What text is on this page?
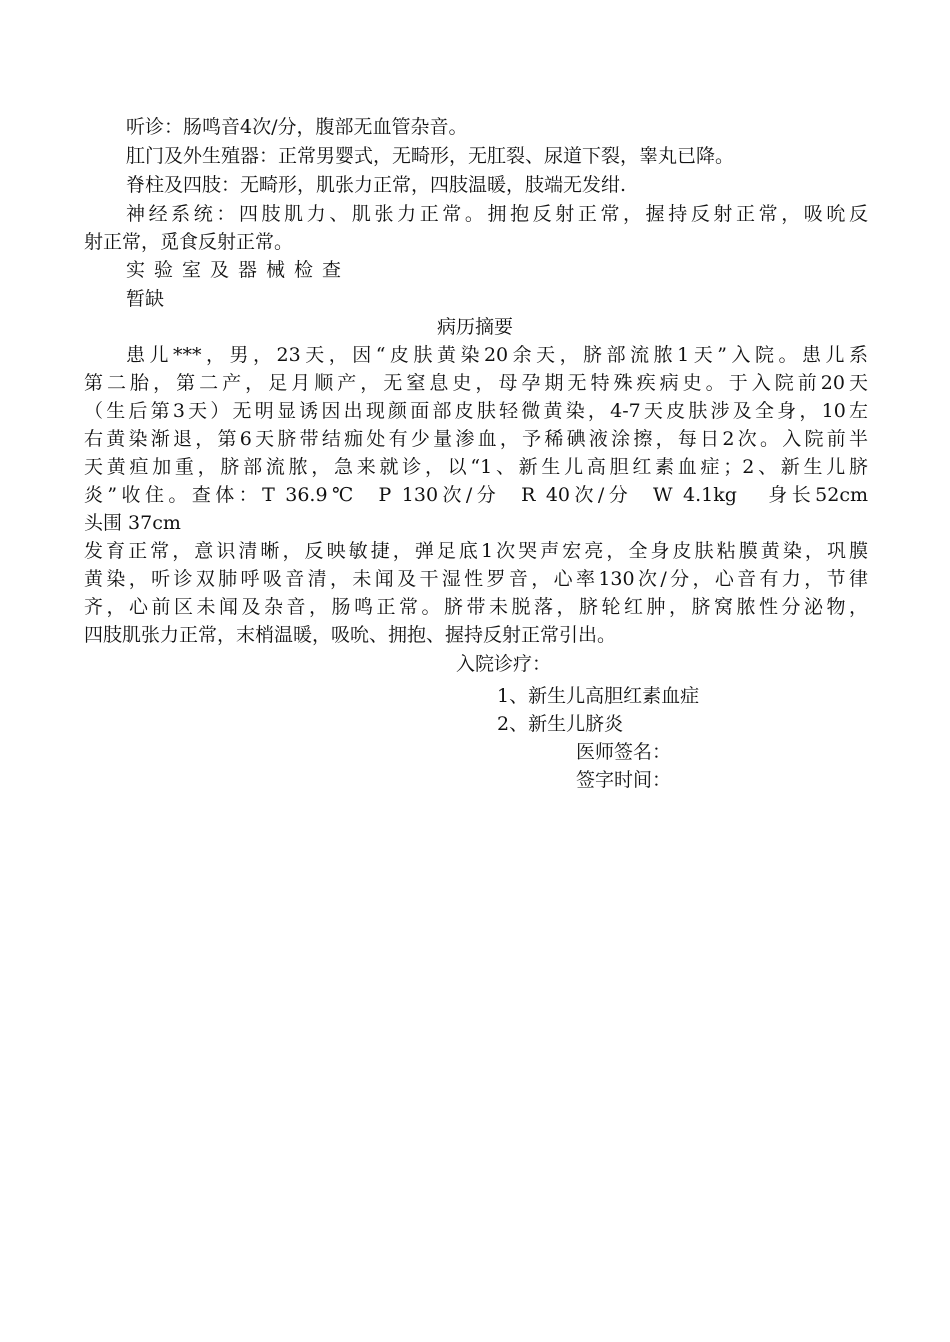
听诊：肠鸣音4次/分，腹部无血管杂音。
肛门及外生殖器：正常男婴式，无畸形，无肛裂、尿道下裂，睾丸已降。
脊柱及四肢：无畸形，肌张力正常，四肢温暖，肢端无发绀.
神经系统：四肢肌力、肌张力正常。拥抱反射正常，握持反射正常，吸吮反
射正常，觅食反射正常。
实验室及器械检查
暂缺
病历摘要
患儿***，男，23天，因“皮肤黄染20余天，脐部流脓1天”入院。患儿系
第二胎，第二产，足月顺产，无窒息史，母孕期无特殊疾病史。于入院前20天
（生后第3天）无明显诱因出现颜面部皮肤轻微黄染，4-7天皮肤涉及全身，10左
右黄染渐退，第6天脐带结痂处有少量渗血，予稀碘液涂擦，每日2次。入院前半
天黄疸加重，脐部流脓，急来就诊，以“1、新生儿高胆红素血症；2、新生儿脐
炎”收住。查体：T 36.9℃  P 130次/分  R 40次/分  W 4.1kg   身长52cm
头围 37cm
发育正常，意识清晰，反映敏捷，弹足底1次哭声宏亮，全身皮肤粘膜黄染，巩膜
黄染，听诊双肺呼吸音清，未闻及干湿性罗音，心率130次/分，心音有力，节律
齐，心前区未闻及杂音，肠鸣正常。脐带未脱落，脐轮红肿，脐窝脓性分泌物，
四肢肌张力正常，末梢温暖，吸吮、拥抱、握持反射正常引出。
入院诊疗：
1、新生儿高胆红素血症
2、新生儿脐炎
医师签名：
签字时间：
